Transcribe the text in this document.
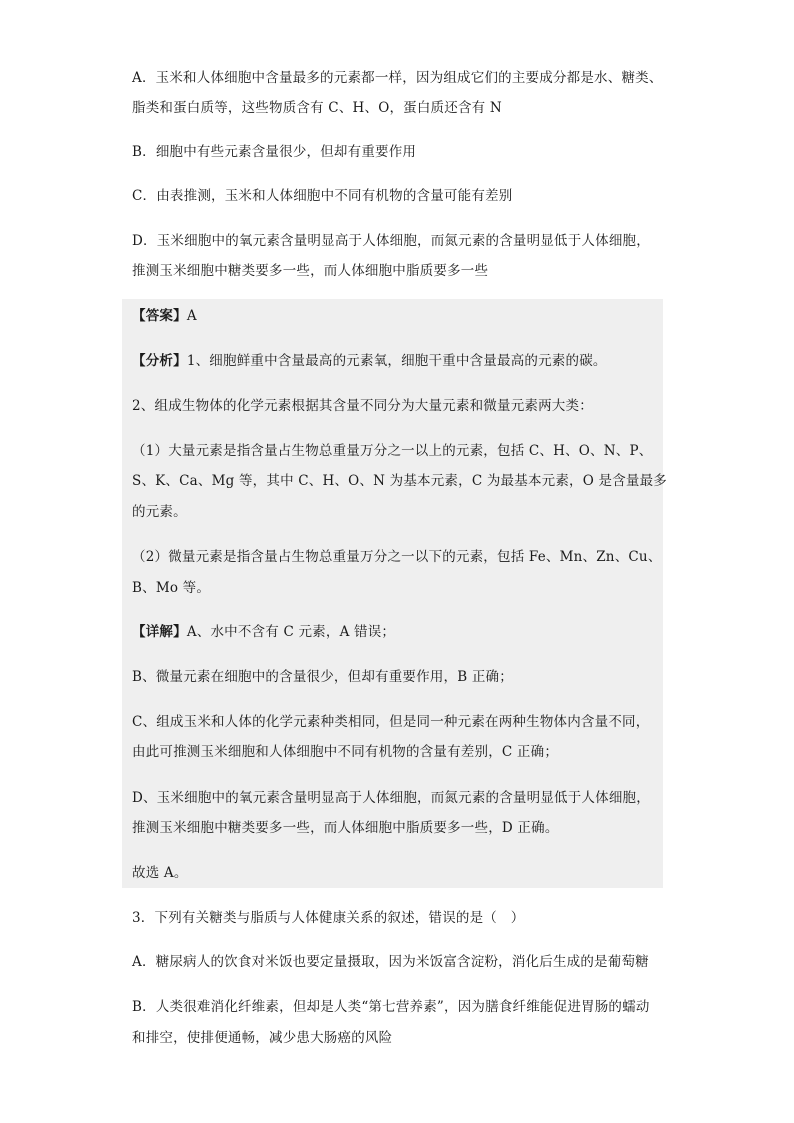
A．玉米和人体细胞中含量最多的元素都一样，因为组成它们的主要成分都是水、糖类、
脂类和蛋白质等，这些物质含有 C、H、O，蛋白质还含有 N
B．细胞中有些元素含量很少，但却有重要作用
C．由表推测，玉米和人体细胞中不同有机物的含量可能有差别
D．玉米细胞中的氧元素含量明显高于人体细胞，而氮元素的含量明显低于人体细胞，
推测玉米细胞中糖类要多一些，而人体细胞中脂质要多一些
【答案】A
【分析】1、细胞鲜重中含量最高的元素氧，细胞干重中含量最高的元素的碳。
2、组成生物体的化学元素根据其含量不同分为大量元素和微量元素两大类：
（1）大量元素是指含量占生物总重量万分之一以上的元素，包括 C、H、O、N、P、
S、K、Ca、Mg 等，其中 C、H、O、N 为基本元素，C 为最基本元素，O 是含量最多
的元素。
（2）微量元素是指含量占生物总重量万分之一以下的元素，包括 Fe、Mn、Zn、Cu、
B、Mo 等。
【详解】A、水中不含有 C 元素，A 错误；
B、微量元素在细胞中的含量很少，但却有重要作用，B 正确；
C、组成玉米和人体的化学元素种类相同，但是同一种元素在两种生物体内含量不同，
由此可推测玉米细胞和人体细胞中不同有机物的含量有差别，C 正确；
D、玉米细胞中的氧元素含量明显高于人体细胞，而氮元素的含量明显低于人体细胞，
推测玉米细胞中糖类要多一些，而人体细胞中脂质要多一些，D 正确。
故选 A。
3．下列有关糖类与脂质与人体健康关系的叙述，错误的是（　）
A．糖尿病人的饮食对米饭也要定量摄取，因为米饭富含淀粉，消化后生成的是葡萄糖
B．人类很难消化纤维素，但却是人类“第七营养素”，因为膳食纤维能促进胃肠的蠕动
和排空，使排便通畅，减少患大肠癌的风险
